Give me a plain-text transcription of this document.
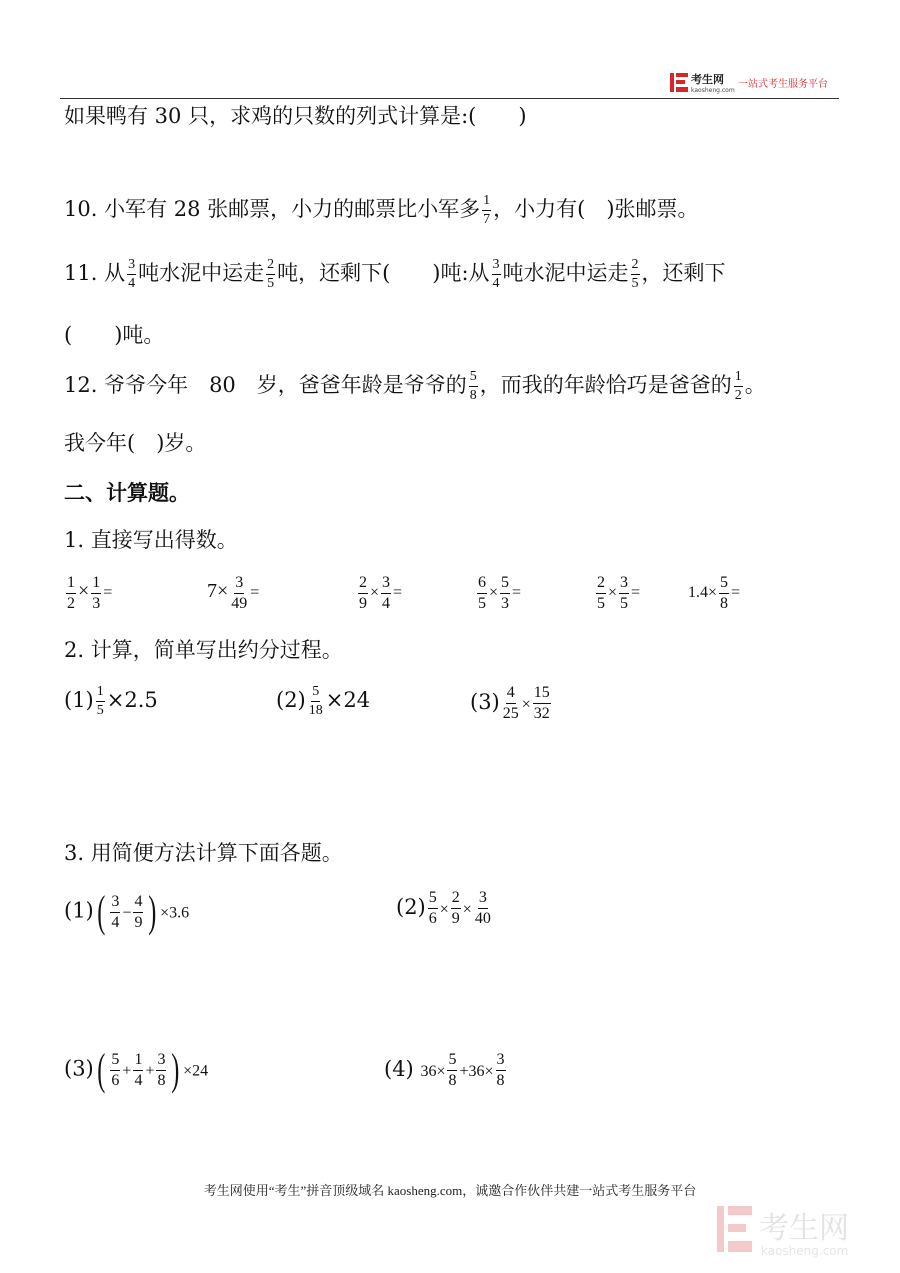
考生网
kaosheng.com
一站式考生服务平台
如果鸭有 30 只，求鸡的只数的列式计算是:(　　)
10. 小军有 28 张邮票，小力的邮票比小军多 $\frac{1}{7}$ ，小力有(　)张邮票。
11. 从 $\frac{3}{4}$ 吨水泥中运走 $\frac{2}{5}$ 吨，还剩下(　　)吨:从 $\frac{3}{4}$ 吨水泥中运走 $\frac{2}{5}$ ，还剩下
(　　)吨。
12. 爷爷今年　80　岁，爸爸年龄是爷爷的 $\frac{5}{8}$ ，而我的年龄恰巧是爸爸的 $\frac{1}{2}$ 。
我今年(　)岁。
二、计算题。
1. 直接写出得数。
$\frac{1}{2} \times \frac{1}{3}$ =	$7\times \frac{3}{49}$ =	$\frac{2}{9} \times \frac{3}{4}$ =	$\frac{6}{5} \times \frac{5}{3}$ =	$\frac{2}{5} \times \frac{3}{5}$ =	$1.4\times \frac{5}{8}$ =
2. 计算，简单写出约分过程。
$(1) \frac{1}{5} \times 2.5$	$(2) \frac{5}{18} \times 24$	$(3) \frac{4}{25} \times \frac{15}{32}$
3. 用简便方法计算下面各题。
$(1)( \frac{3}{4} - \frac{4}{9}$ ) ×3.6	$(2) \frac{5}{6} \times \frac{2}{9} \times \frac{3}{40}$
$(3)( \frac{5}{6} + \frac{1}{4} + \frac{3}{8}$ ) ×24	(4) $36\times \frac{5}{8} +36\times \frac{3}{8}$
考生网使用“考生”拼音顶级域名 kaosheng.com，诚邀合作伙伴共建一站式考生服务平台
考生网
kaosheng.com
